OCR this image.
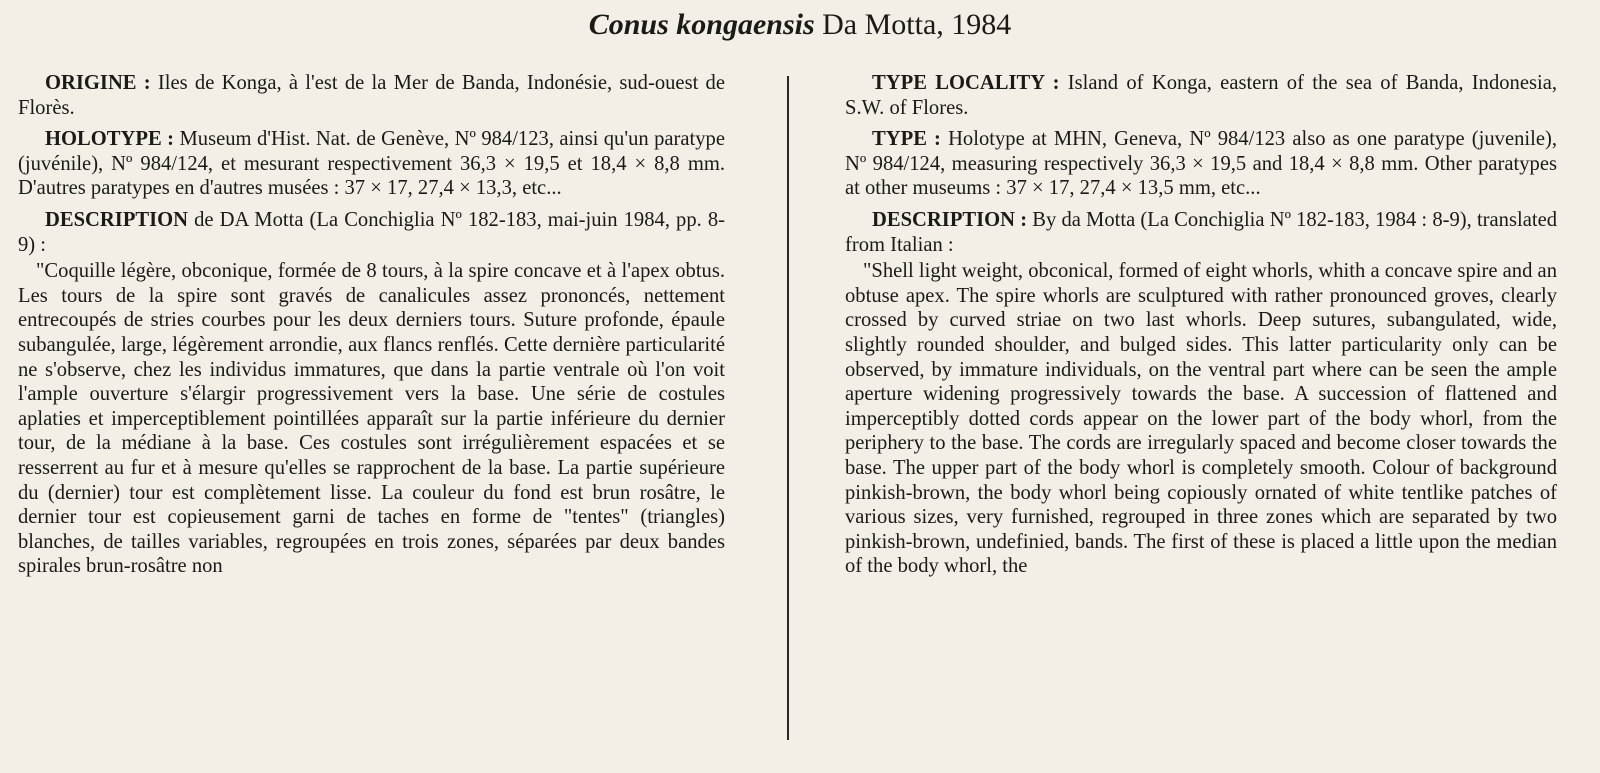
Conus kongaensis Da Motta, 1984

ORIGINE : Iles de Konga, à l'est de la Mer de Banda, Indonésie, sud-ouest de Florès.

HOLOTYPE : Museum d'Hist. Nat. de Genève, Nº 984/123, ainsi qu'un paratype (juvénile), Nº 984/124, et mesurant respectivement 36,3 × 19,5 et 18,4 × 8,8 mm. D'autres paratypes en d'autres musées : 37 × 17, 27,4 × 13,3, etc...

DESCRIPTION de DA Motta (La Conchiglia Nº 182-183, mai-juin 1984, pp. 8-9) :

"Coquille légère, obconique, formée de 8 tours, à la spire concave et à l'apex obtus. Les tours de la spire sont gravés de canalicules assez prononcés, nettement entrecoupés de stries courbes pour les deux derniers tours. Suture profonde, épaule subangulée, large, légèrement arrondie, aux flancs renflés. Cette dernière particularité ne s'observe, chez les individus immatures, que dans la partie ventrale où l'on voit l'ample ouverture s'élargir progressivement vers la base. Une série de costules aplaties et imperceptiblement pointillées apparaît sur la partie inférieure du dernier tour, de la médiane à la base. Ces costules sont irrégulièrement espacées et se resserrent au fur et à mesure qu'elles se rapprochent de la base. La partie supérieure du (dernier) tour est complètement lisse. La couleur du fond est brun rosâtre, le dernier tour est copieusement garni de taches en forme de "tentes" (triangles) blanches, de tailles variables, regroupées en trois zones, séparées par deux bandes spirales brun-rosâtre non

TYPE LOCALITY : Island of Konga, eastern of the sea of Banda, Indonesia, S.W. of Flores.

TYPE : Holotype at MHN, Geneva, Nº 984/123 also as one paratype (juvenile), Nº 984/124, measuring respectively 36,3 × 19,5 and 18,4 × 8,8 mm. Other paratypes at other museums : 37 × 17, 27,4 × 13,5 mm, etc...

DESCRIPTION : By da Motta (La Conchiglia Nº 182-183, 1984 : 8-9), translated from Italian :

"Shell light weight, obconical, formed of eight whorls, whith a concave spire and an obtuse apex. The spire whorls are sculptured with rather pronounced groves, clearly crossed by curved striae on two last whorls. Deep sutures, subangulated, wide, slightly rounded shoulder, and bulged sides. This latter particularity only can be observed, by immature individuals, on the ventral part where can be seen the ample aperture widening progressively towards the base. A succession of flattened and imperceptibly dotted cords appear on the lower part of the body whorl, from the periphery to the base. The cords are irregularly spaced and become closer towards the base. The upper part of the body whorl is completely smooth. Colour of background pinkish-brown, the body whorl being copiously ornated of white tentlike patches of various sizes, very furnished, regrouped in three zones which are separated by two pinkish-brown, undefinied, bands. The first of these is placed a little upon the median of the body whorl, the
